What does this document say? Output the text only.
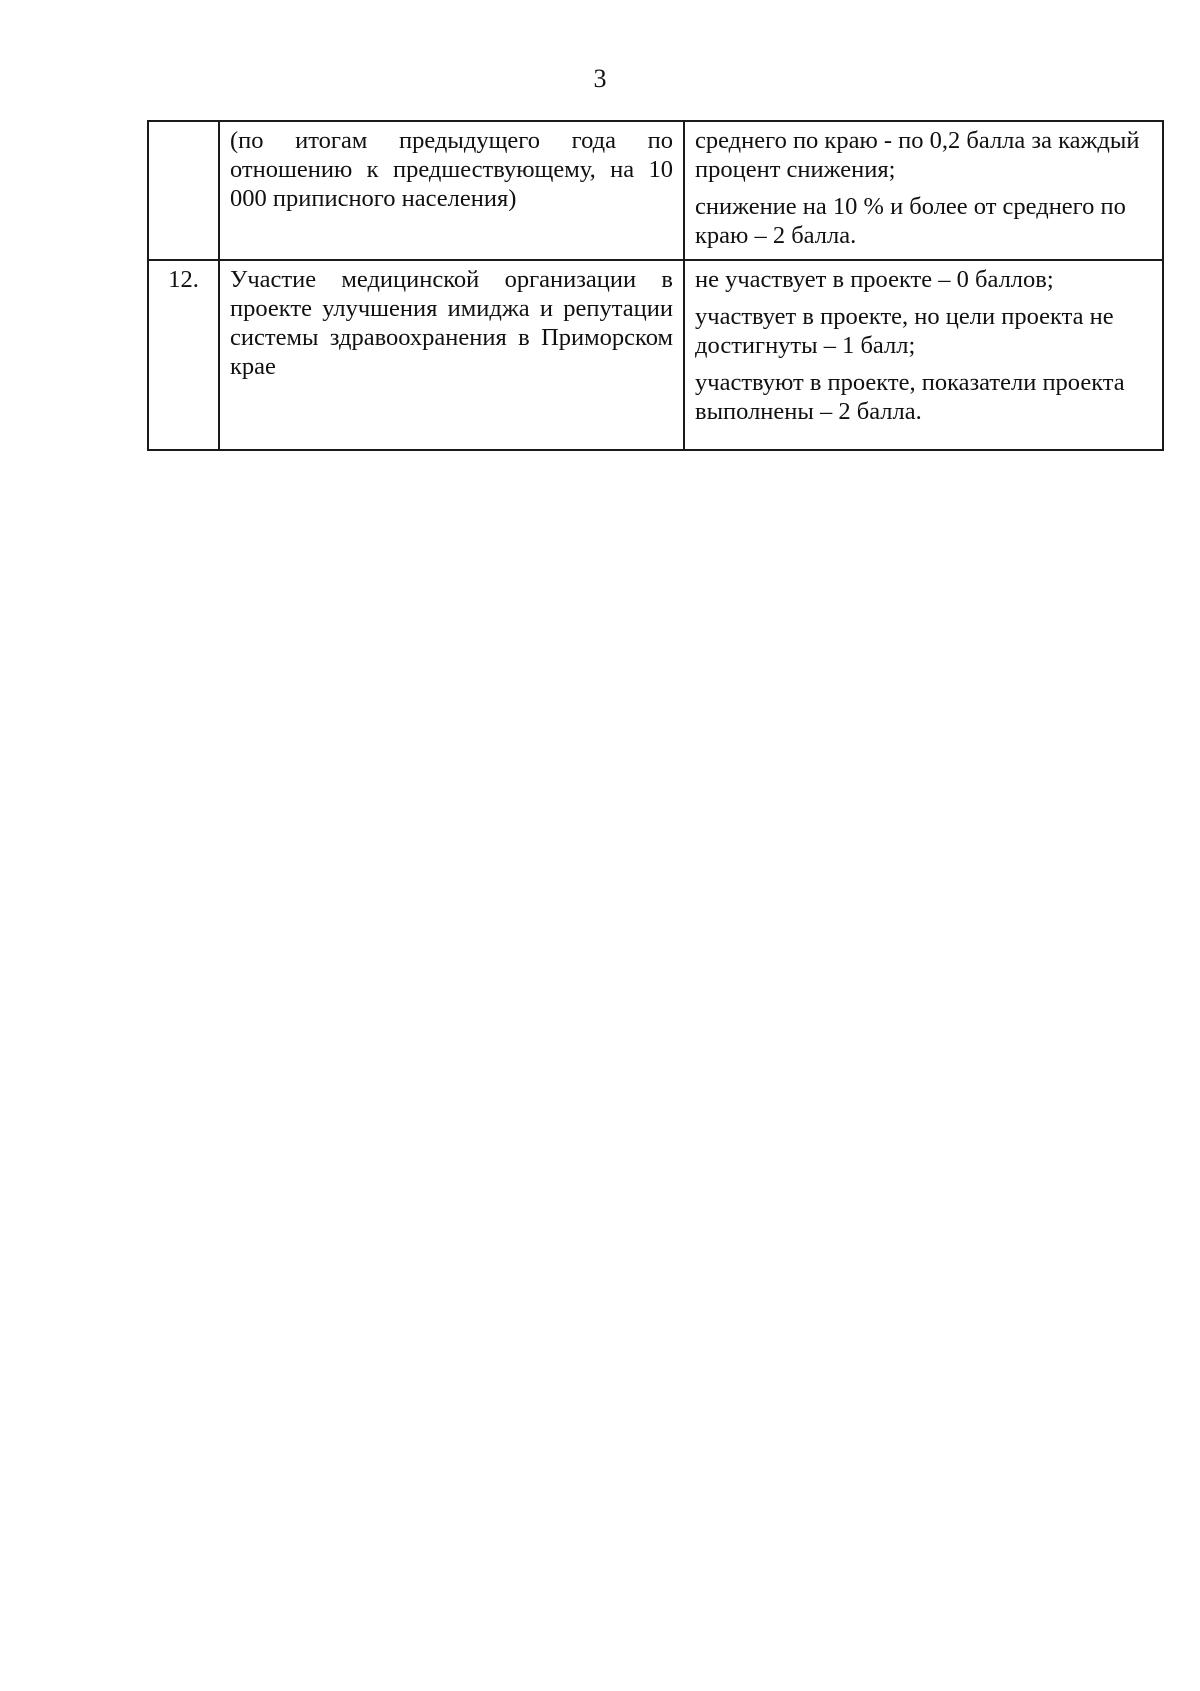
3
	(по итогам предыдущего года по отношению к предшествующему, на 10 000 приписного населения)	среднего по краю - по 0,2 балла за каждый процент снижения;

снижение на 10 % и более от среднего по краю – 2 балла.

12.	Участие медицинской организации в проекте улучшения имиджа и репутации системы здравоохранения в Приморском крае	не участвует в проекте – 0 баллов;

участвует в проекте, но цели проекта не достигнуты – 1 балл;

участвуют в проекте, показатели проекта выполнены – 2 балла.
